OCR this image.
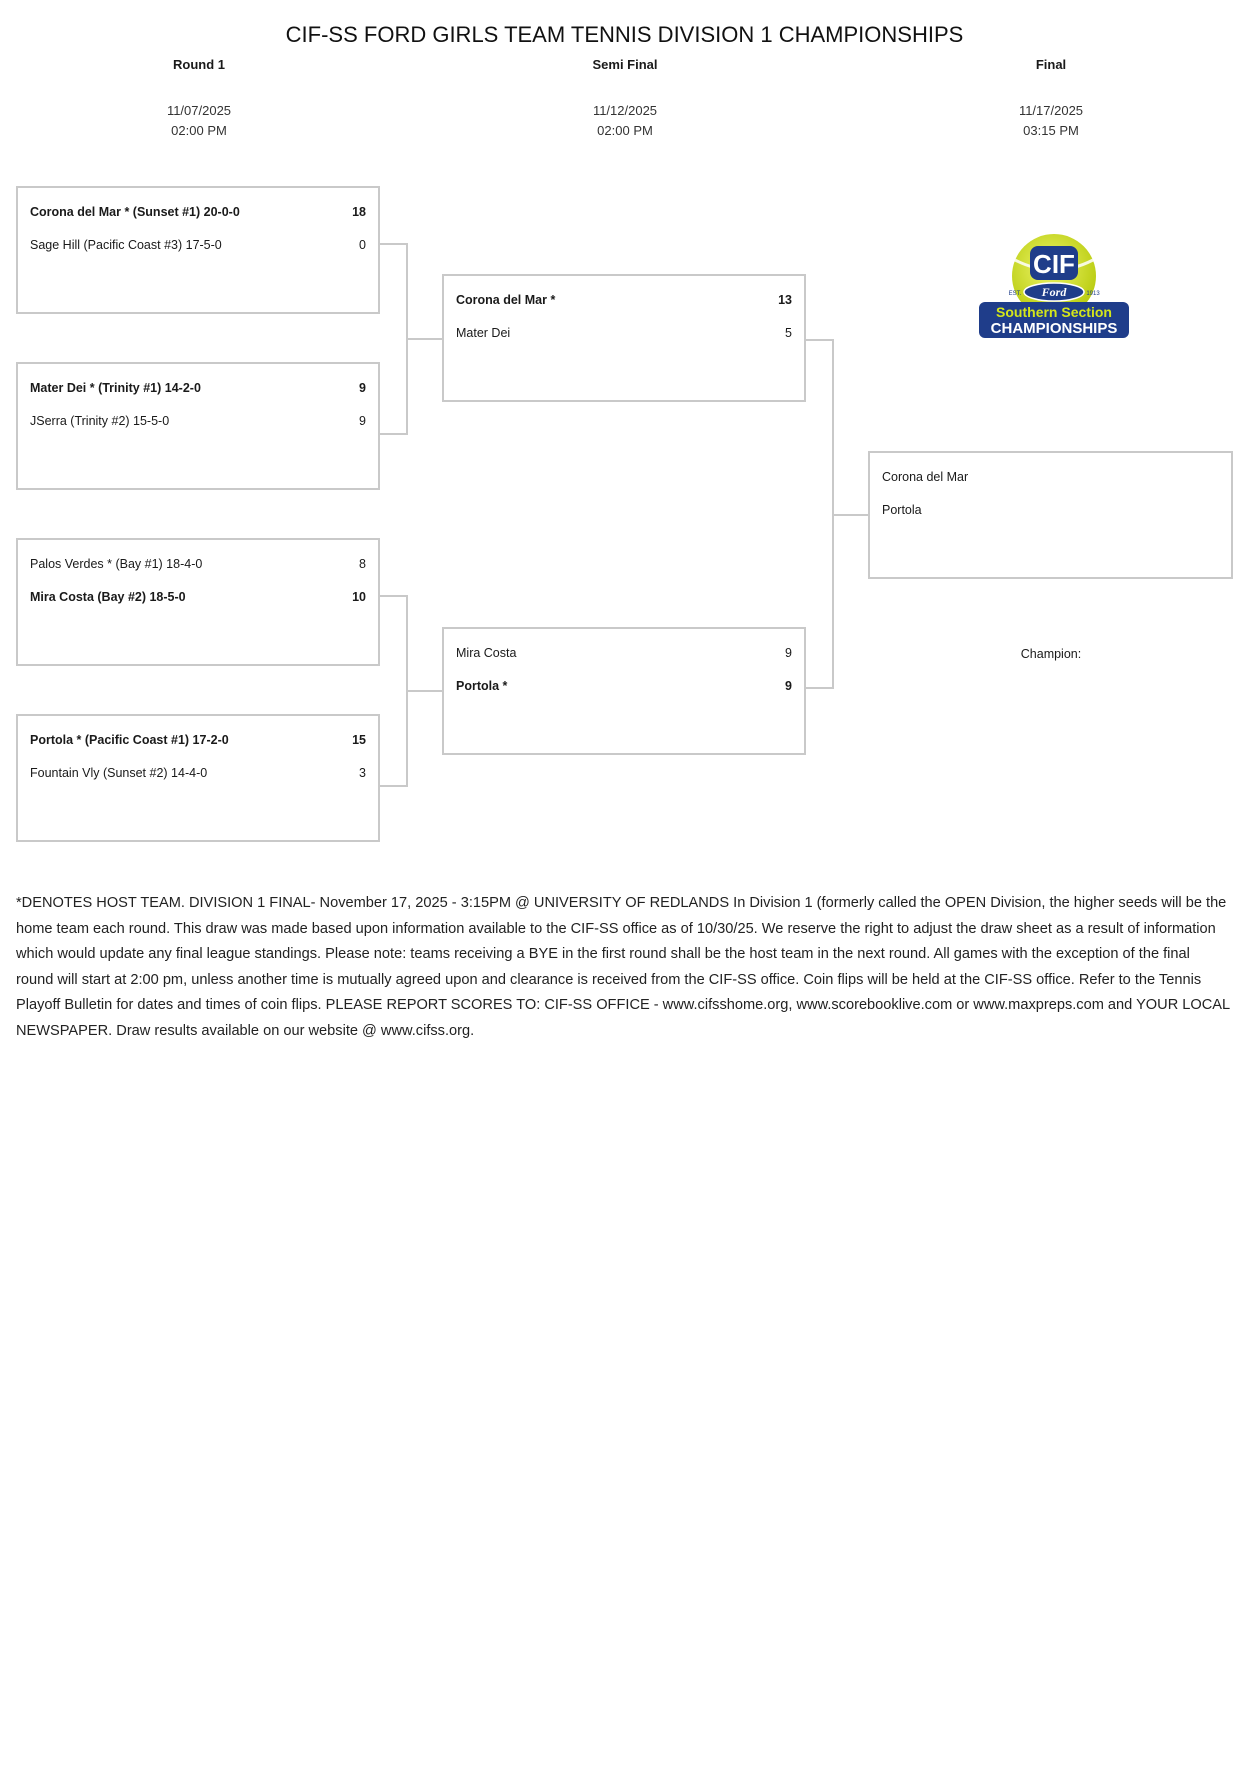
CIF-SS FORD GIRLS TEAM TENNIS DIVISION 1 CHAMPIONSHIPS
Round 1	Semi Final	Final
11/07/2025
02:00 PM
11/12/2025
02:00 PM
11/17/2025
03:15 PM
Corona del Mar * (Sunset #1) 20-0-0	18
Sage Hill (Pacific Coast #3) 17-5-0	0
Mater Dei * (Trinity #1) 14-2-0	9
JSerra (Trinity #2) 15-5-0	9
Palos Verdes * (Bay #1) 18-4-0	8
Mira Costa (Bay #2) 18-5-0	10
Portola * (Pacific Coast #1) 17-2-0	15
Fountain Vly (Sunset #2) 14-4-0	3
Corona del Mar *	13
Mater Dei	5
Mira Costa	9
Portola *	9
Corona del Mar
Portola
Champion:
CIF
Ford
EST.	1913
Southern Section
CHAMPIONSHIPS
*DENOTES HOST TEAM. DIVISION 1 FINAL- November 17, 2025 - 3:15PM @ UNIVERSITY OF REDLANDS In Division 1 (formerly called the OPEN Division, the higher seeds will be the home team each round. This draw was made based upon information available to the CIF-SS office as of 10/30/25. We reserve the right to adjust the draw sheet as a result of information which would update any final league standings. Please note: teams receiving a BYE in the first round shall be the host team in the next round. All games with the exception of the final round will start at 2:00 pm, unless another time is mutually agreed upon and clearance is received from the CIF-SS office. Coin flips will be held at the CIF-SS office. Refer to the Tennis Playoff Bulletin for dates and times of coin flips. PLEASE REPORT SCORES TO: CIF-SS OFFICE - www.cifsshome.org, www.scorebooklive.com or www.maxpreps.com and YOUR LOCAL NEWSPAPER. Draw results available on our website @ www.cifss.org.
